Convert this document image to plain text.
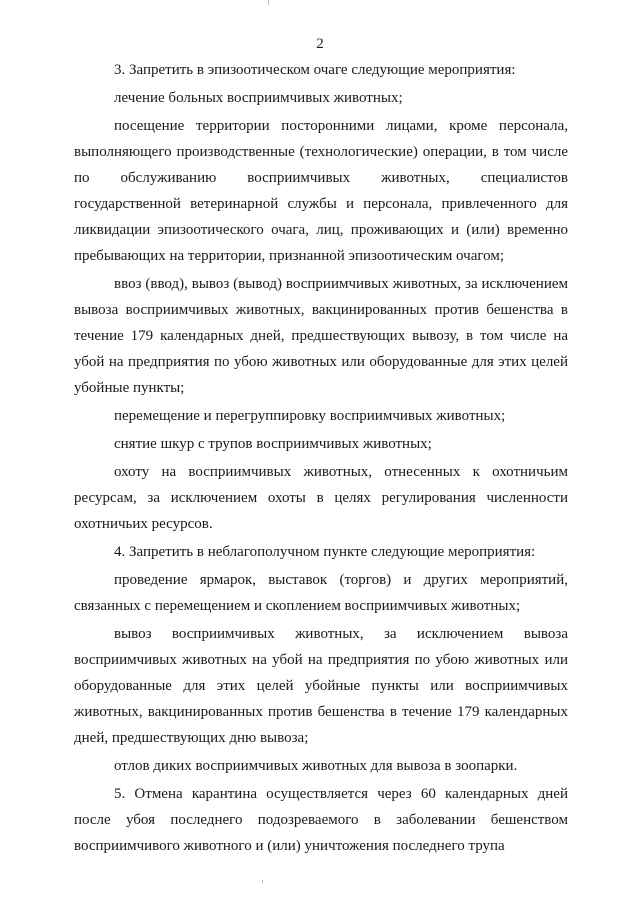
2

3. Запретить в эпизоотическом очаге следующие мероприятия:

лечение больных восприимчивых животных;

посещение территории посторонними лицами, кроме персонала, выполняющего производственные (технологические) операции, в том числе по обслуживанию восприимчивых животных, специалистов государственной ветеринарной службы и персонала, привлеченного для ликвидации эпизоотического очага, лиц, проживающих и (или) временно пребывающих на территории, признанной эпизоотическим очагом;

ввоз (ввод), вывоз (вывод) восприимчивых животных, за исключением вывоза восприимчивых животных, вакцинированных против бешенства в течение 179 календарных дней, предшествующих вывозу, в том числе на убой на предприятия по убою животных или оборудованные для этих целей убойные пункты;

перемещение и перегруппировку восприимчивых животных;

снятие шкур с трупов восприимчивых животных;

охоту на восприимчивых животных, отнесенных к охотничьим ресурсам, за исключением охоты в целях регулирования численности охотничьих ресурсов.

4. Запретить в неблагополучном пункте следующие мероприятия:

проведение ярмарок, выставок (торгов) и других мероприятий, связанных с перемещением и скоплением восприимчивых животных;

вывоз восприимчивых животных, за исключением вывоза восприимчивых животных на убой на предприятия по убою животных или оборудованные для этих целей убойные пункты или восприимчивых животных, вакцинированных против бешенства в течение 179 календарных дней, предшествующих дню вывоза;

отлов диких восприимчивых животных для вывоза в зоопарки.

5. Отмена карантина осуществляется через 60 календарных дней после убоя последнего подозреваемого в заболевании бешенством восприимчивого животного и (или) уничтожения последнего трупа
